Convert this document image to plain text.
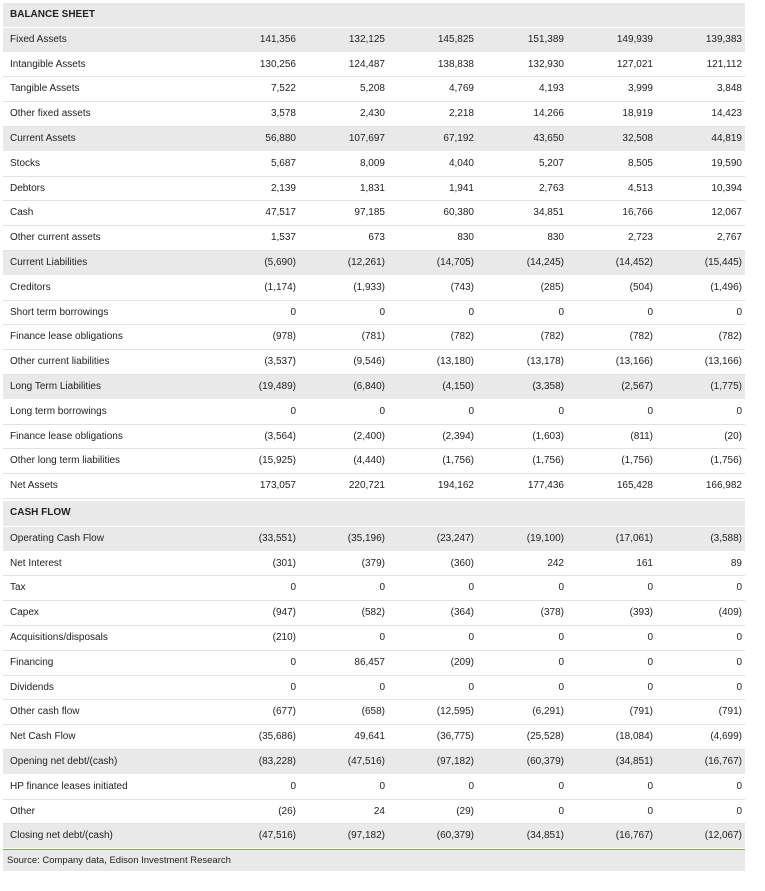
BALANCE SHEET
Fixed Assets	141,356	132,125	145,825	151,389	149,939	139,383
Intangible Assets	130,256	124,487	138,838	132,930	127,021	121,112
Tangible Assets	7,522	5,208	4,769	4,193	3,999	3,848
Other fixed assets	3,578	2,430	2,218	14,266	18,919	14,423
Current Assets	56,880	107,697	67,192	43,650	32,508	44,819
Stocks	5,687	8,009	4,040	5,207	8,505	19,590
Debtors	2,139	1,831	1,941	2,763	4,513	10,394
Cash	47,517	97,185	60,380	34,851	16,766	12,067
Other current assets	1,537	673	830	830	2,723	2,767
Current Liabilities	(5,690)	(12,261)	(14,705)	(14,245)	(14,452)	(15,445)
Creditors	(1,174)	(1,933)	(743)	(285)	(504)	(1,496)
Short term borrowings	0	0	0	0	0	0
Finance lease obligations	(978)	(781)	(782)	(782)	(782)	(782)
Other current liabilities	(3,537)	(9,546)	(13,180)	(13,178)	(13,166)	(13,166)
Long Term Liabilities	(19,489)	(6,840)	(4,150)	(3,358)	(2,567)	(1,775)
Long term borrowings	0	0	0	0	0	0
Finance lease obligations	(3,564)	(2,400)	(2,394)	(1,603)	(811)	(20)
Other long term liabilities	(15,925)	(4,440)	(1,756)	(1,756)	(1,756)	(1,756)
Net Assets	173,057	220,721	194,162	177,436	165,428	166,982
CASH FLOW
Operating Cash Flow	(33,551)	(35,196)	(23,247)	(19,100)	(17,061)	(3,588)
Net Interest	(301)	(379)	(360)	242	161	89
Tax	0	0	0	0	0	0
Capex	(947)	(582)	(364)	(378)	(393)	(409)
Acquisitions/disposals	(210)	0	0	0	0	0
Financing	0	86,457	(209)	0	0	0
Dividends	0	0	0	0	0	0
Other cash flow	(677)	(658)	(12,595)	(6,291)	(791)	(791)
Net Cash Flow	(35,686)	49,641	(36,775)	(25,528)	(18,084)	(4,699)
Opening net debt/(cash)	(83,228)	(47,516)	(97,182)	(60,379)	(34,851)	(16,767)
HP finance leases initiated	0	0	0	0	0	0
Other	(26)	24	(29)	0	0	0
Closing net debt/(cash)	(47,516)	(97,182)	(60,379)	(34,851)	(16,767)	(12,067)
Source: Company data, Edison Investment Research
